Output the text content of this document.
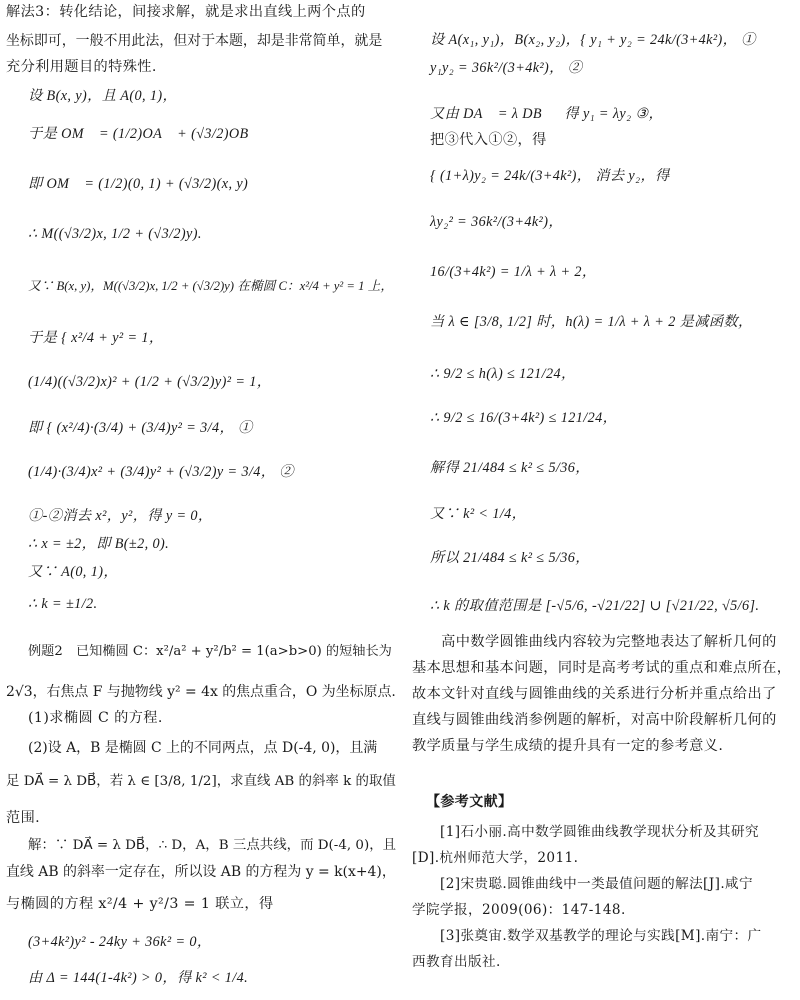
解法3：转化结论，间接求解，就是求出直线上两个点的
坐标即可，一般不用此法，但对于本题，却是非常简单，就是
充分利用题目的特殊性.
设 B(x, y)，且 A(0, 1)，
于是 OM⃗ = (1/2)OA⃗ + (√3/2)OB⃗，
即 OM⃗ = (1/2)(0, 1) + (√3/2)(x, y)，
∴ M((√3/2)x, 1/2 + (√3/2)y).
又∵ B(x, y)，M((√3/2)x, 1/2 + (√3/2)y) 在椭圆 C：x²/4 + y² = 1 上，
于是 { x²/4 + y² = 1，
(1/4)((√3/2)x)² + (1/2 + (√3/2)y)² = 1，
即 { (x²/4)·(3/4) + (3/4)y² = 3/4， ①
(1/4)·(3/4)x² + (3/4)y² + (√3/2)y = 3/4， ②
①-②消去 x²，y²，得 y = 0，
∴ x = ±2，即 B(±2, 0).
又∵ A(0, 1)，
∴ k = ±1/2.
例题2　已知椭圆 C：x²/a² + y²/b² = 1(a>b>0) 的短轴长为
2√3，右焦点 F 与抛物线 y² = 4x 的焦点重合，O 为坐标原点.
(1)求椭圆 C 的方程.
(2)设 A，B 是椭圆 C 上的不同两点，点 D(-4, 0)，且满
足 DA⃗ = λ DB⃗，若 λ ∈ [3/8, 1/2]，求直线 AB 的斜率 k 的取值
范围.
解：∵ DA⃗ = λ DB⃗，∴ D，A，B 三点共线，而 D(-4, 0)，且
直线 AB 的斜率一定存在，所以设 AB 的方程为 y = k(x+4)，
与椭圆的方程 x²/4 + y²/3 = 1 联立，得
(3+4k²)y² - 24ky + 36k² = 0，
由 Δ = 144(1-4k²) > 0，得 k² < 1/4.
设 A(x₁, y₁)，B(x₂, y₂)，{ y₁ + y₂ = 24k/(3+4k²)， ①
y₁y₂ = 36k²/(3+4k²)， ②
又由 DA⃗ = λ DB⃗，得 y₁ = λy₂ ③，
把③代入①②，得
{ (1+λ)y₂ = 24k/(3+4k²)， 消去 y₂，得
λy₂² = 36k²/(3+4k²)，
16/(3+4k²) = 1/λ + λ + 2，
当 λ ∈ [3/8, 1/2] 时，h(λ) = 1/λ + λ + 2 是减函数，
∴ 9/2 ≤ h(λ) ≤ 121/24，
∴ 9/2 ≤ 16/(3+4k²) ≤ 121/24，
解得 21/484 ≤ k² ≤ 5/36，
又∵ k² < 1/4，
所以 21/484 ≤ k² ≤ 5/36，
∴ k 的取值范围是 [-√5/6, -√21/22] ∪ [√21/22, √5/6].
　　高中数学圆锥曲线内容较为完整地表达了解析几何的
基本思想和基本问题，同时是高考考试的重点和难点所在，
故本文针对直线与圆锥曲线的关系进行分析并重点给出了
直线与圆锥曲线消参例题的解析，对高中阶段解析几何的
教学质量与学生成绩的提升具有一定的参考意义.
【参考文献】
　　[1]石小丽.高中数学圆锥曲线教学现状分析及其研究
[D].杭州师范大学，2011.
　　[2]宋贵聪.圆锥曲线中一类最值问题的解法[J].咸宁
学院学报，2009(06)：147-148.
　　[3]张奠宙.数学双基教学的理论与实践[M].南宁：广
西教育出版社.
